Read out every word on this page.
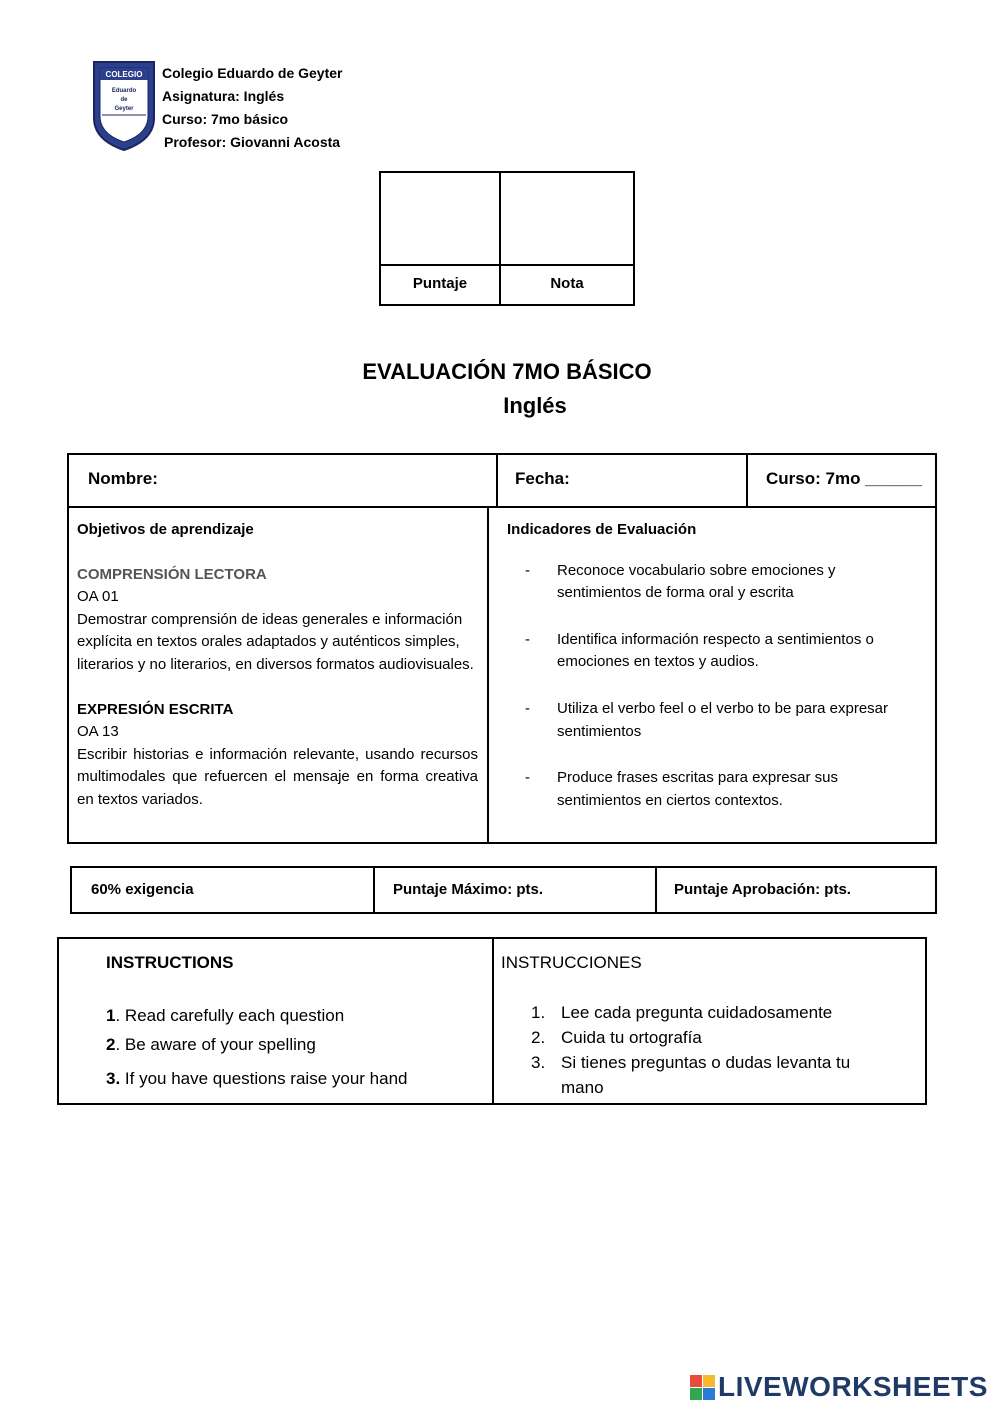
COLEGIO
Eduardo
de
Geyter
ANGOL
Colegio Eduardo de Geyter
Asignatura: Inglés
Curso: 7mo básico
Profesor: Giovanni Acosta
Puntaje	Nota
EVALUACIÓN 7MO BÁSICO
Inglés
Nombre:	Fecha:	Curso: 7mo ______
Objetivos de aprendizaje
COMPRENSIÓN LECTORA
OA 01
Demostrar comprensión de ideas generales e información explícita en textos orales adaptados y auténticos simples, literarios y no literarios, en diversos formatos audiovisuales.
EXPRESIÓN ESCRITA
OA 13
Escribir historias e información relevante, usando recursos multimodales que refuercen el mensaje en forma creativa en textos variados.
Indicadores de Evaluación
- Reconoce vocabulario sobre emociones y sentimientos de forma oral y escrita
- Identifica información respecto a sentimientos o emociones en textos y audios.
- Utiliza el verbo feel o el verbo to be para expresar sentimientos
- Produce frases escritas para expresar sus sentimientos en ciertos contextos.
60% exigencia	Puntaje Máximo: pts.	Puntaje Aprobación: pts.
INSTRUCTIONS
1. Read carefully each question
2. Be aware of your spelling
3. If you have questions raise your hand
INSTRUCCIONES
1. Lee cada pregunta cuidadosamente
2. Cuida tu ortografía
3. Si tienes preguntas o dudas levanta tu mano
LIVEWORKSHEETS
